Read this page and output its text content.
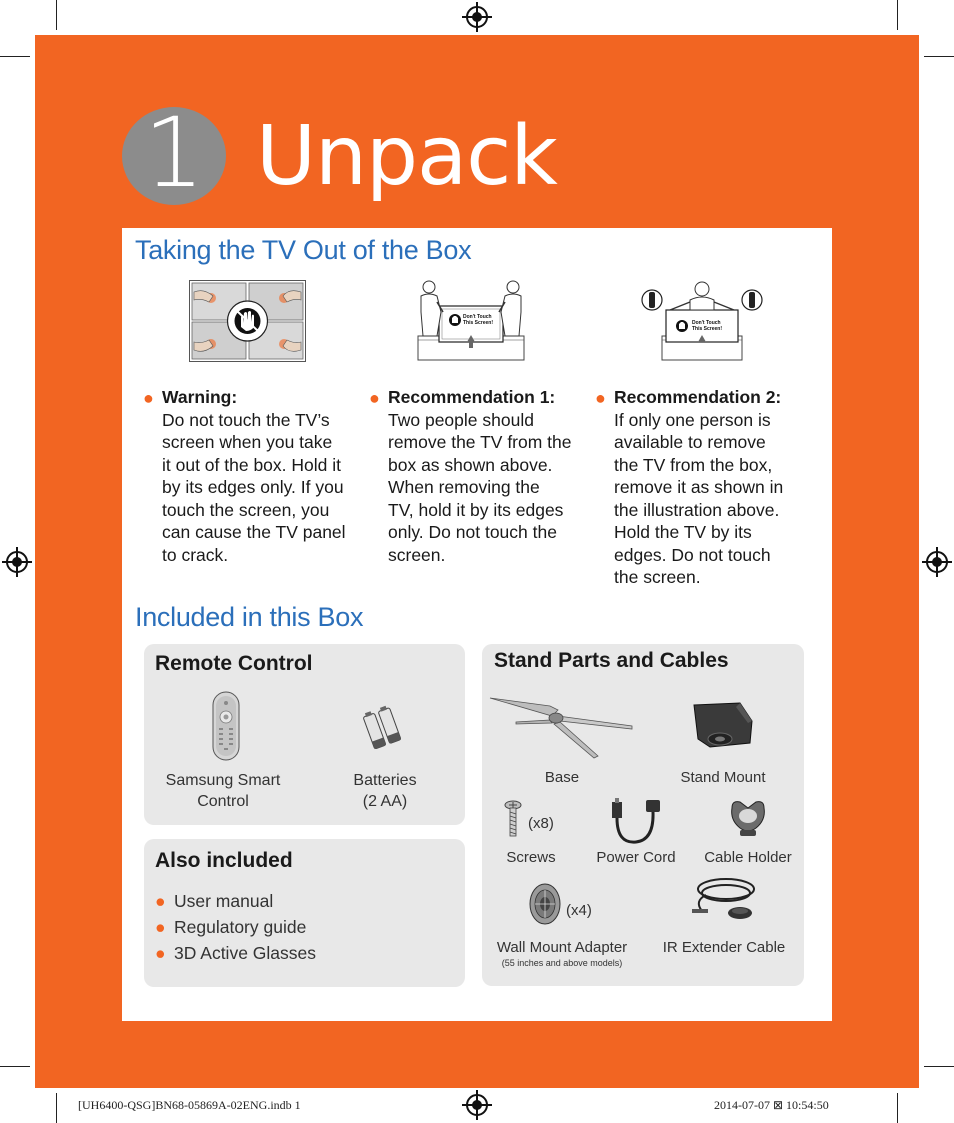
1 Unpack
Taking the TV Out of the Box
Don't Touch
This Screen!	Don't Touch
This Screen!
● Warning:
Do not touch the TV’s
screen when you take
it out of the box. Hold it
by its edges only. If you
touch the screen, you
can cause the TV panel
to crack.
● Recommendation 1:
Two people should
remove the TV from the
box as shown above.
When removing the
TV, hold it by its edges
only. Do not touch the
screen.
● Recommendation 2:
If only one person is
available to remove
the TV from the box,
remove it as shown in
the illustration above.
Hold the TV by its
edges. Do not touch
the screen.
Included in this Box
Remote Control
Samsung Smart
Control
Batteries
(2 AA)
Also included
● User manual
● Regulatory guide
● 3D Active Glasses
Stand Parts and Cables
Base	Stand Mount
(x8)
Screws	Power Cord	Cable Holder
(x4)
Wall Mount Adapter
(55 inches and above models)
IR Extender Cable
[UH6400-QSG]BN68-05869A-02ENG.indb 1	2014-07-07 ⊠ 10:54:50
